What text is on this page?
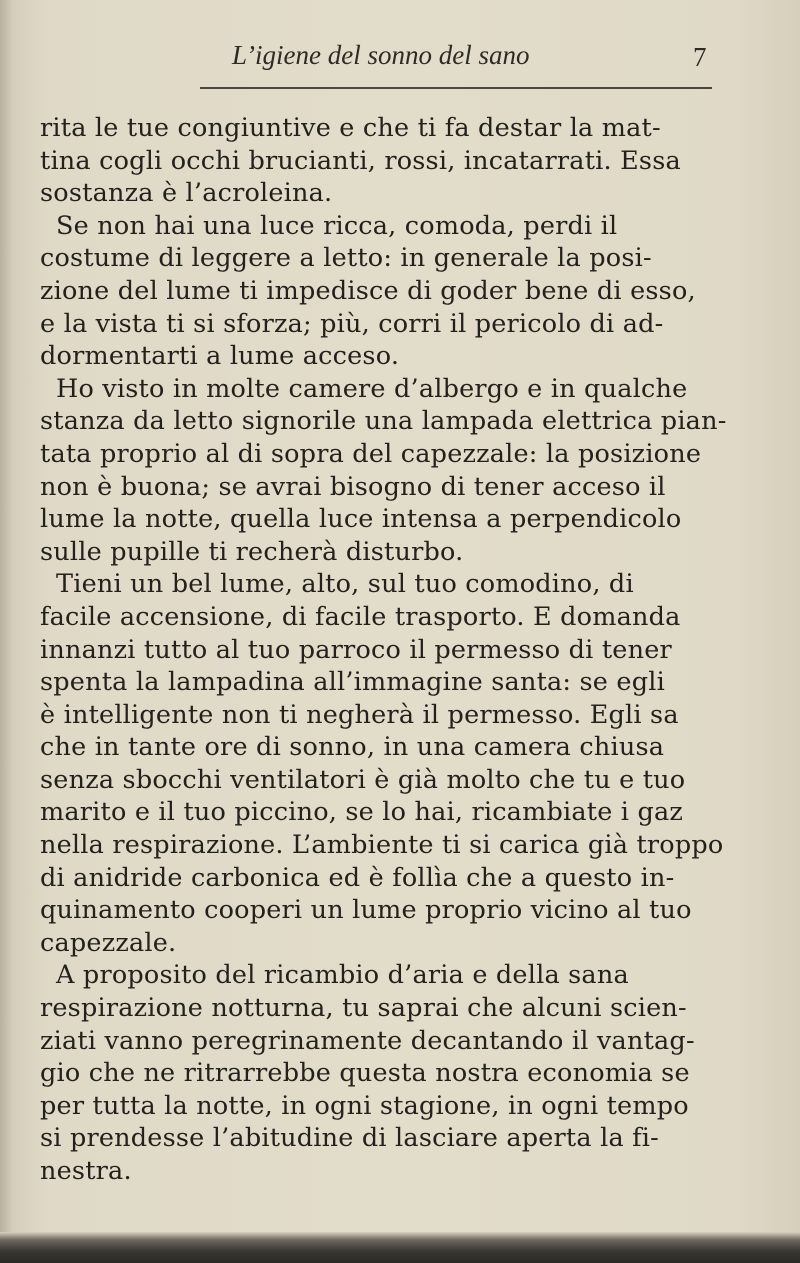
L’igiene del sonno del sano	7
rita le tue congiuntive e che ti fa destar la mat-
tina cogli occhi brucianti, rossi, incatarrati. Essa
sostanza è l’acroleina.
Se non hai una luce ricca, comoda, perdi il
costume di leggere a letto: in generale la posi-
zione del lume ti impedisce di goder bene di esso,
e la vista ti si sforza; più, corri il pericolo di ad-
dormentarti a lume acceso.
Ho visto in molte camere d’albergo e in qualche
stanza da letto signorile una lampada elettrica pian-
tata proprio al di sopra del capezzale: la posizione
non è buona; se avrai bisogno di tener acceso il
lume la notte, quella luce intensa a perpendicolo
sulle pupille ti recherà disturbo.
Tieni un bel lume, alto, sul tuo comodino, di
facile accensione, di facile trasporto. E domanda
innanzi tutto al tuo parroco il permesso di tener
spenta la lampadina all’immagine santa: se egli
è intelligente non ti negherà il permesso. Egli sa
che in tante ore di sonno, in una camera chiusa
senza sbocchi ventilatori è già molto che tu e tuo
marito e il tuo piccino, se lo hai, ricambiate i gaz
nella respirazione. L’ambiente ti si carica già troppo
di anidride carbonica ed è follìa che a questo in-
quinamento cooperi un lume proprio vicino al tuo
capezzale.
A proposito del ricambio d’aria e della sana
respirazione notturna, tu saprai che alcuni scien-
ziati vanno peregrinamente decantando il vantag-
gio che ne ritrarrebbe questa nostra economia se
per tutta la notte, in ogni stagione, in ogni tempo
si prendesse l’abitudine di lasciare aperta la fi-
nestra.
